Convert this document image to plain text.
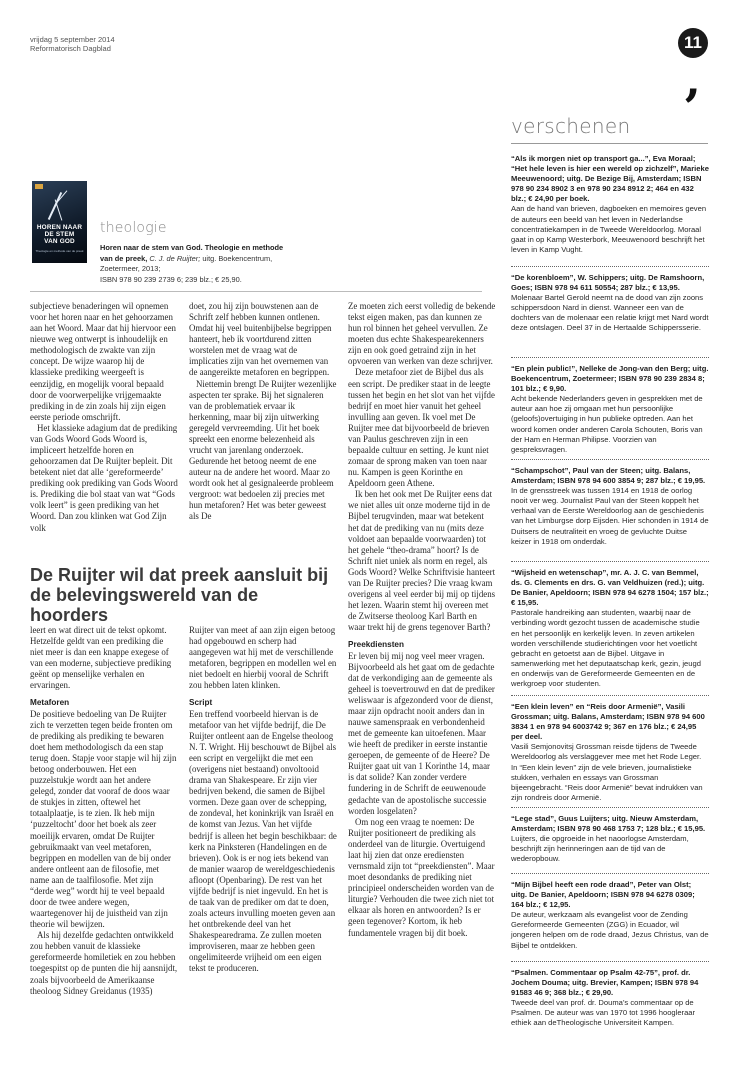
vrijdag 5 september 2014
Reformatorisch Dagblad	11
‚
HOREN NAAR
DE STEM
VAN GOD
Theologie en methode van de preek
theologie
Horen naar de stem van God. Theologie en methode van de preek, C. J. de Ruijter; uitg. Boekencentrum, Zoetermeer, 2013;
ISBN 978 90 239 2739 6; 239 blz.; € 25,90.

subjectieve benaderingen wil opnemen voor het horen naar en het gehoorzamen aan het Woord. Maar dat hij hiervoor een nieuwe weg ontwerpt is inhoudelijk en methodologisch de zwakte van zijn concept. De wijze waarop hij de klassieke prediking weergeeft is eenzijdig, en mogelijk vooral bepaald door de voorwerpelijke vrijgemaakte prediking in de zin zoals hij zijn eigen eerste periode omschrijft.

Het klassieke adagium dat de prediking van Gods Woord Gods Woord is, impliceert hetzelfde horen en gehoorzamen dat De Ruijter bepleit. Dit betekent niet dat alle ‘gereformeerde’ prediking ook prediking van Gods Woord is. Prediking die bol staat van wat “Gods volk leert” is geen prediking van het Woord. Dan zou klinken wat God Zijn volk

doet, zou hij zijn bouwstenen aan de Schrift zelf hebben kunnen ontlenen. Omdat hij veel buitenbijbelse begrippen hanteert, heb ik voortdurend zitten worstelen met de vraag wat de implicaties zijn van het overnemen van de aangereikte metaforen en begrippen.

Niettemin brengt De Ruijter wezenlijke aspecten ter sprake. Bij het signaleren van de problematiek ervaar ik herkenning, maar bij zijn uitwerking geregeld vervreemding. Uit het boek spreekt een enorme belezenheid als vrucht van jarenlang onderzoek. Gedurende het betoog neemt de ene auteur na de andere het woord. Maar zo wordt ook het al gesignaleerde probleem vergroot: wat bedoelen zij precies met hun metaforen? Het was beter geweest als De

Ze moeten zich eerst volledig de bekende tekst eigen maken, pas dan kunnen ze hun rol binnen het geheel vervullen. Ze moeten dus echte Shakespearekenners zijn en ook goed getraind zijn in het opvoeren van werken van deze schrijver.

Deze metafoor ziet de Bijbel dus als een script. De prediker staat in de leegte tussen het begin en het slot van het vijfde bedrijf en moet hier vanuit het geheel invulling aan geven. Ik voel met De Ruijter mee dat bijvoorbeeld de brieven van Paulus geschreven zijn in een bepaalde cultuur en setting. Je kunt niet zomaar de sprong maken van toen naar nu. Kampen is geen Korinthe en Apeldoorn geen Athene.

Ik ben het ook met De Ruijter eens dat we niet alles uit onze moderne tijd in de Bijbel terugvinden, maar wat betekent het dat de prediking van nu (mits deze voldoet aan bepaalde voorwaarden) tot het gehele “theo-drama” hoort? Is de Schrift niet uniek als norm en regel, als Gods Woord? Welke Schriftvisie hanteert van De Ruijter precies? Die vraag kwam overigens al veel eerder bij mij op tijdens het lezen. Waarin stemt hij overeen met de Zwitserse theoloog Karl Barth en waar trekt hij de grens tegenover Barth?

Preekdiensten

Er leven bij mij nog veel meer vragen. Bijvoorbeeld als het gaat om de gedachte dat de verkondiging aan de gemeente als geheel is toevertrouwd en dat de prediker weliswaar is afgezonderd voor de dienst, maar zijn opdracht nooit anders dan in nauwe samenspraak en verbondenheid met de gemeente kan uitoefenen. Maar wie heeft de prediker in eerste instantie geroepen, de gemeente of de Heere? De Ruijter gaat uit van 1 Korinthe 14, maar is dat solide? Kan zonder verdere fundering in de Schrift de eeuwenoude gedachte van de apostolische successie worden losgelaten?

Om nog een vraag te noemen: De Ruijter positioneert de prediking als onderdeel van de liturgie. Overtuigend laat hij zien dat onze erediensten vernsmald zijn tot “preekdiensten”. Maar moet desondanks de prediking niet principieel onderscheiden worden van de liturgie? Verhouden die twee zich niet tot elkaar als horen en antwoorden? Is er geen tegenover? Kortom, ik heb fundamentele vragen bij dit boek.

De Ruijter wil dat preek aansluit bij de belevingswereld van de hoorders

leert en wat direct uit de tekst opkomt. Hetzelfde geldt van een prediking die niet meer is dan een knappe exegese of van een moderne, subjectieve prediking geënt op menselijke verhalen en ervaringen.

Metaforen

De positieve bedoeling van De Ruijter zich te verzetten tegen beide fronten om de prediking als prediking te bewaren doet hem methodologisch da een stap terug doen. Stapje voor stapje wil hij zijn betoog onderbouwen. Het een puzzelstukje wordt aan het andere gelegd, zonder dat vooraf de doos waar de stukjes in zitten, oftewel het totaalplaatje, is te zien. Ik heb mijn ‘puzzeltocht’ door het boek als zeer moeilijk ervaren, omdat De Ruijter gebruikmaakt van veel metaforen, begrippen en modellen van de bij onder andere ontleent aan de filosofie, met name aan de taalfilosofie. Met zijn “derde weg” wordt hij te veel bepaald door de twee andere wegen, waartegenover hij de juistheid van zijn theorie wil bewijzen.

Als hij dezelfde gedachten ontwikkeld zou hebben vanuit de klassieke gereformeerde homiletiek en zou hebben toegespitst op de punten die hij aansnijdt, zoals bijvoorbeeld de Amerikaanse theoloog Sidney Greidanus (1935)

Ruijter van meet af aan zijn eigen betoog had opgebouwd en scherp had aangegeven wat hij met de verschillende metaforen, begrippen en modellen wel en niet bedoelt en hierbij vooral de Schrift zou hebben laten klinken.

Script

Een treffend voorbeeld hiervan is de metafoor van het vijfde bedrijf, die De Ruijter ontleent aan de Engelse theoloog N. T. Wright. Hij beschouwt de Bijbel als een script en vergelijkt die met een (overigens niet bestaand) onvoltooid drama van Shakespeare. Er zijn vier bedrijven bekend, die samen de Bijbel vormen. Deze gaan over de schepping, de zondeval, het koninkrijk van Israël en de komst van Jezus. Van het vijfde bedrijf is alleen het begin beschikbaar: de kerk na Pinksteren (Handelingen en de brieven). Ook is er nog iets bekend van de manier waarop de wereldgeschiedenis afloopt (Openbaring). De rest van het vijfde bedrijf is niet ingevuld. En het is de taak van de prediker om dat te doen, zoals acteurs invulling moeten geven aan het ontbrekende deel van het Shakespearedrama. Ze zullen moeten improviseren, maar ze hebben geen ongelimiteerde vrijheid om een eigen tekst te produceren.

verschenen
“Als ik morgen niet op transport ga...”, Eva Moraal; “Het hele leven is hier een wereld op zichzelf”, Marieke Meeuwenoord; uitg. De Bezige Bij, Amsterdam; ISBN 978 90 234 8902 3 en 978 90 234 8912 2; 464 en 432 blz.; € 24,90 per boek.
Aan de hand van brieven, dagboeken en memoires geven de auteurs een beeld van het leven in Nederlandse concentratiekampen in de Tweede Wereldoorlog. Moraal gaat in op Kamp Westerbork, Meeuwenoord beschrijft het leven in Kamp Vught.
“De korenbloem”, W. Schippers; uitg. De Ramshoorn, Goes; ISBN 978 94 611 50554; 287 blz.; € 13,95.
Molenaar Bartel Gerold neemt na de dood van zijn zoons schippersdoon Nard in dienst. Wanneer een van de dochters van de molenaar een relatie krijgt met Nard wordt deze ontslagen. Deel 37 in de Hertaalde Schippersserie.
“En plein public!”, Nelleke de Jong-van den Berg; uitg. Boekencentrum, Zoetermeer; ISBN 978 90 239 2834 8; 101 blz.; € 9,90.
Acht bekende Nederlanders geven in gesprekken met de auteur aan hoe zij omgaan met hun persoonlijke (geloofs)overtuiging in hun publieke optreden. Aan het woord komen onder anderen Carola Schouten, Boris van der Ham en Herman Philipse. Voorzien van gespreksvragen.
“Schampschot”, Paul van der Steen; uitg. Balans, Amsterdam; ISBN 978 94 600 3854 9; 287 blz.; € 19,95.
In de grensstreek was tussen 1914 en 1918 de oorlog nooit ver weg. Journalist Paul van der Steen koppelt het verhaal van de Eerste Wereldoorlog aan de geschiedenis van het Limburgse dorp Eijsden. Hier schonden in 1914 de Duitsers de neutraliteit en vroeg de gevluchte Duitse keizer in 1918 om onderdak.
“Wijsheid en wetenschap”, mr. A. J. C. van Bemmel, ds. G. Clements en drs. G. van Veldhuizen (red.); uitg. De Banier, Apeldoorn; ISBN 978 94 6278 1504; 157 blz.; € 15,95.
Pastorale handreiking aan studenten, waarbij naar de verbinding wordt gezocht tussen de academische studie en het persoonlijk en kerkelijk leven. In zeven artikelen worden verschillende studierichtingen voor het voetlicht gebracht en getoetst aan de Bijbel. Uitgave in samenwerking met het deputaatschap kerk, gezin, jeugd en onderwijs van de Gereformeerde Gemeenten en de werkgroep voor studenten.
“Een klein leven” en “Reis door Armenië”, Vasili Grossman; uitg. Balans, Amsterdam; ISBN 978 94 600 3834 1 en 978 94 6003742 9; 367 en 176 blz.; € 24,95 per deel.
Vasili Semjonovitsj Grossman reisde tijdens de Tweede Wereldoorlog als verslaggever mee met het Rode Leger. In “Een klein leven” zijn de vele brieven, journalistieke stukken, verhalen en essays van Grossman bijeengebracht. “Reis door Armenië” bevat indrukken van zijn rondreis door Armenië.
“Lege stad”, Guus Luijters; uitg. Nieuw Amsterdam, Amsterdam; ISBN 978 90 468 1753 7; 128 blz.; € 15,95.
Luijters, die opgroeide in het naoorlogse Amsterdam, beschrijft zijn herinneringen aan de tijd van de wederopbouw.
“Mijn Bijbel heeft een rode draad”, Peter van Olst; uitg. De Banier, Apeldoorn; ISBN 978 94 6278 0309; 164 blz.; € 12,95.
De auteur, werkzaam als evangelist voor de Zending Gereformeerde Gemeenten (ZGG) in Ecuador, wil jongeren helpen om de rode draad, Jezus Christus, van de Bijbel te ontdekken.
“Psalmen. Commentaar op Psalm 42-75”, prof. dr. Jochem Douma; uitg. Brevier, Kampen; ISBN 978 94 91583 46 9; 368 blz.; € 29,90.
Tweede deel van prof. dr. Douma’s commentaar op de Psalmen. De auteur was van 1970 tot 1996 hoogleraar ethiek aan deTheologische Universiteit Kampen.
